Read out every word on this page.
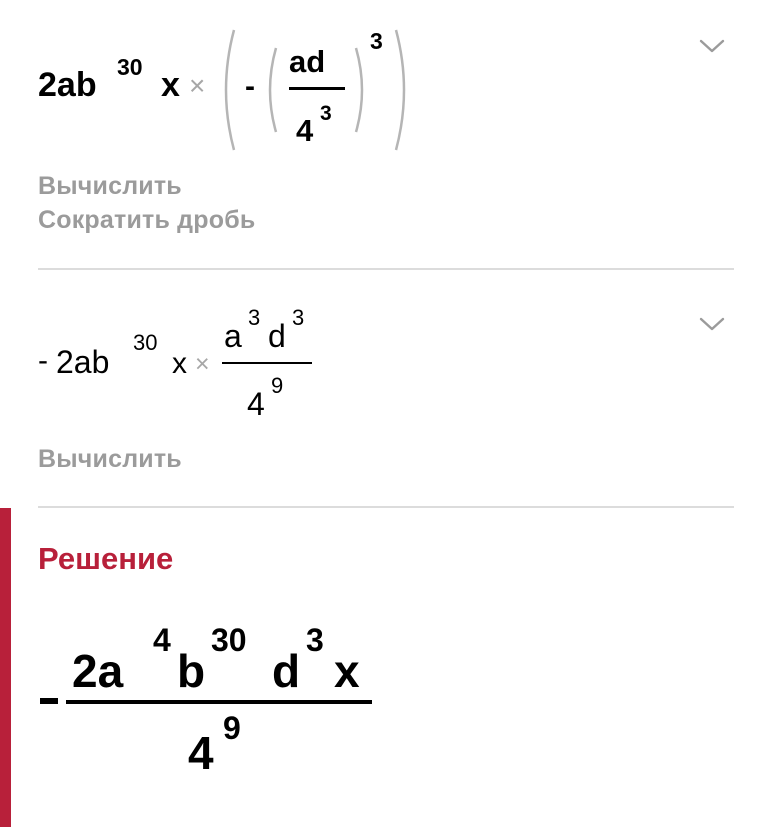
2ab 30 x × -
ad
4 3
3
Вычислить
Сократить дробь
- 2ab
30
x ×
a
3
d
3
4
9
Вычислить
Решение
2a
4
b
30
d
3
x
4 9
